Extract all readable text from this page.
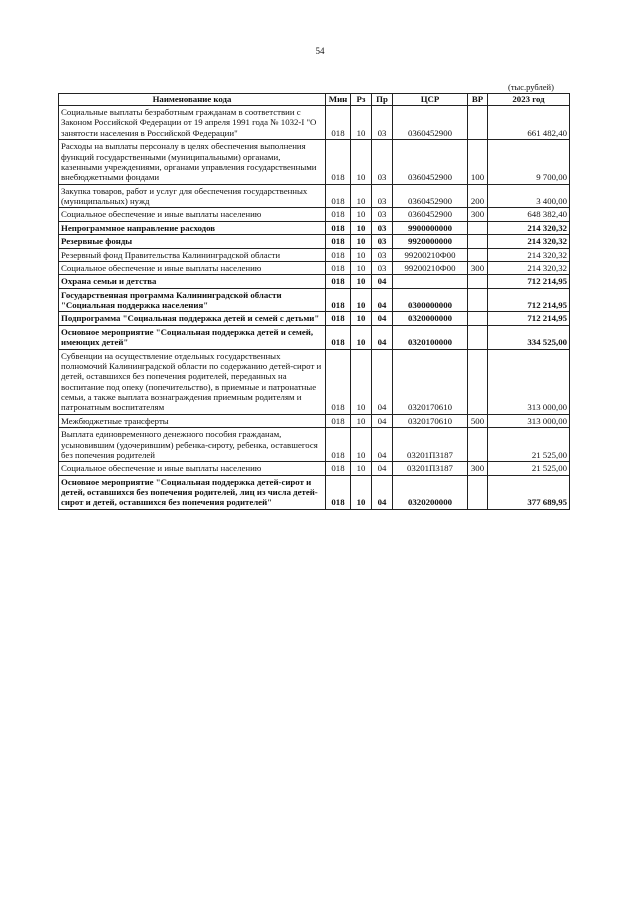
54
(тыс.рублей)
Наименование кода	Мин	Рз	Пр	ЦСР	ВР	2023 год
Социальные выплаты безработным гражданам в соответствии с Законом Российской Федерации от 19 апреля 1991 года № 1032-I "О занятости населения в Российской Федерации"	018	10	03	0360452900		661 482,40
Расходы на выплаты персоналу в целях обеспечения выполнения функций государственными (муниципальными) органами, казенными учреждениями, органами управления государственными внебюджетными фондами	018	10	03	0360452900	100	9 700,00
Закупка товаров, работ и услуг для обеспечения государственных (муниципальных) нужд	018	10	03	0360452900	200	3 400,00
Социальное обеспечение и иные выплаты населению	018	10	03	0360452900	300	648 382,40
Непрограммное направление расходов	018	10	03	9900000000		214 320,32
Резервные фонды	018	10	03	9920000000		214 320,32
Резервный фонд Правительства Калининградской области	018	10	03	99200210Ф00		214 320,32
Социальное обеспечение и иные выплаты населению	018	10	03	99200210Ф00	300	214 320,32
Охрана семьи и детства	018	10	04			712 214,95
Государственная программа Калининградской области "Социальная поддержка населения"	018	10	04	0300000000		712 214,95
Подпрограмма "Социальная поддержка детей и семей с детьми"	018	10	04	0320000000		712 214,95
Основное мероприятие "Социальная поддержка детей и семей, имеющих детей"	018	10	04	0320100000		334 525,00
Субвенции на осуществление отдельных государственных полномочий Калининградской области по содержанию детей-сирот и детей, оставшихся без попечения родителей, переданных на воспитание под опеку (попечительство), в приемные и патронатные семьи, а также выплата вознаграждения приемным родителям и патронатным воспитателям	018	10	04	0320170610		313 000,00
Межбюджетные трансферты	018	10	04	0320170610	500	313 000,00
Выплата единовременного денежного пособия гражданам, усыновившим (удочерившим) ребенка-сироту, ребенка, оставшегося без попечения родителей	018	10	04	03201П3187		21 525,00
Социальное обеспечение и иные выплаты населению	018	10	04	03201П3187	300	21 525,00
Основное мероприятие "Социальная поддержка детей-сирот и детей, оставшихся без попечения родителей, лиц из числа детей-сирот и детей, оставшихся без попечения родителей"	018	10	04	0320200000		377 689,95
